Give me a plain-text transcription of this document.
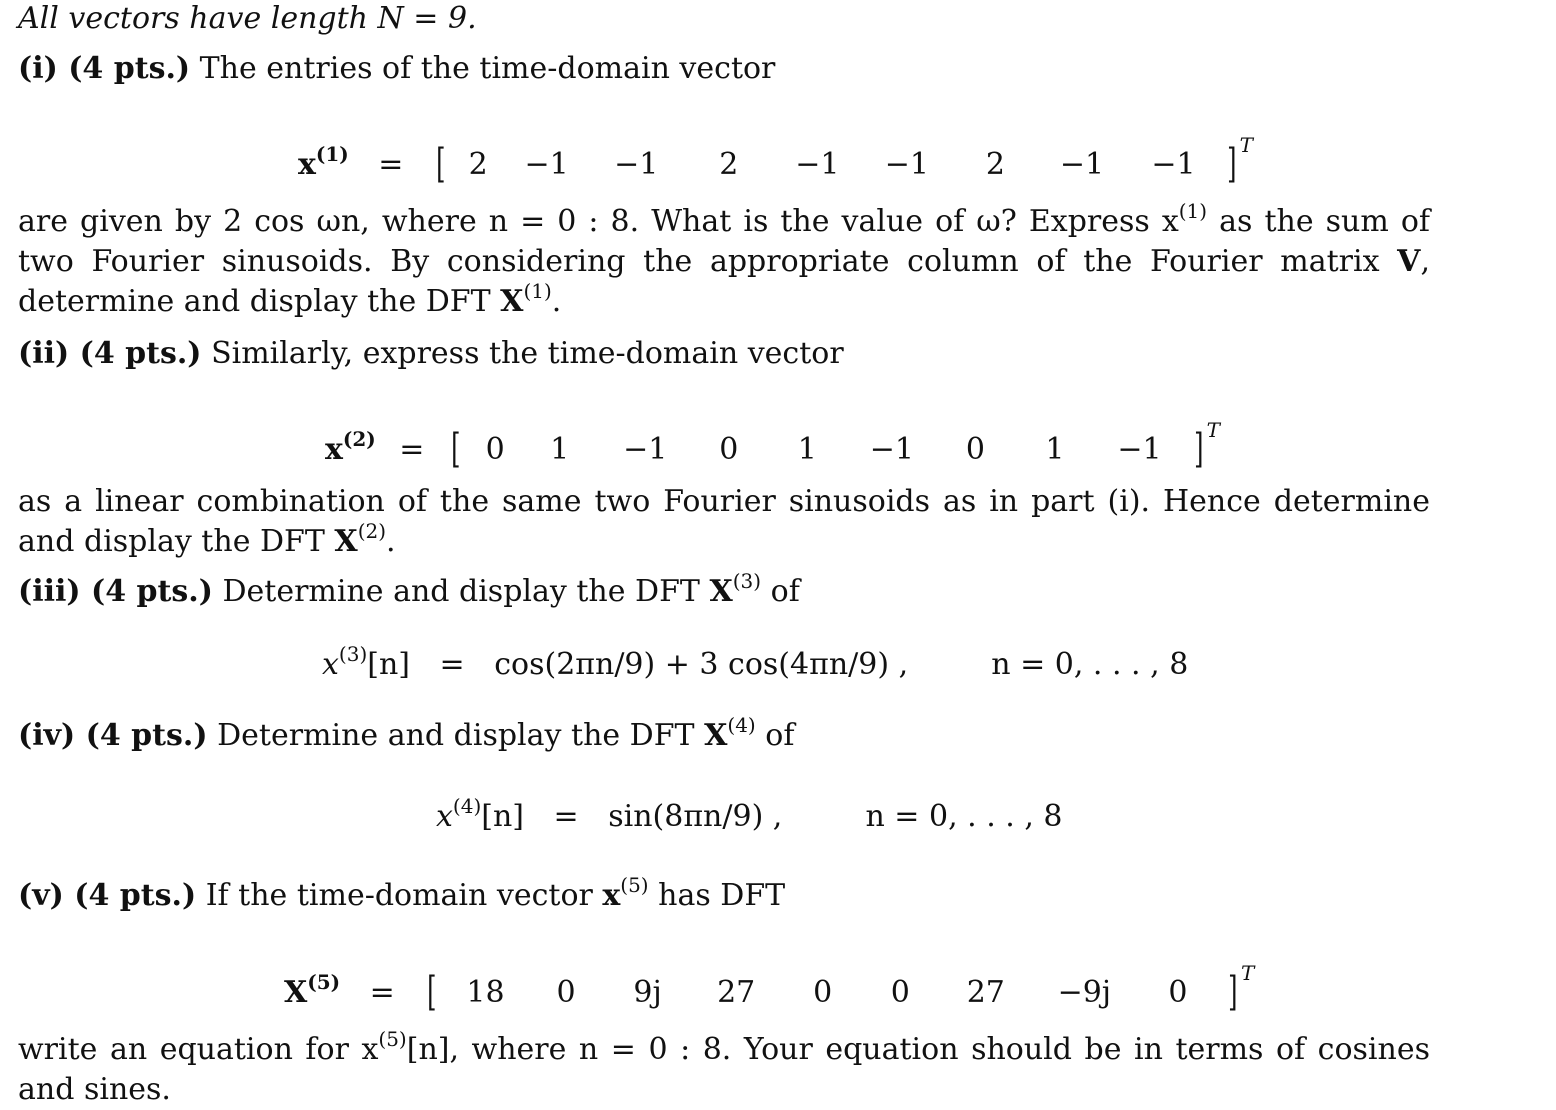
All vectors have length N = 9.
(i) (4 pts.) The entries of the time-domain vector
$x^{(1)}$ = [ 2 −1 −1 2 −1 −1 2 −1 −1 ] $^T$
are given by 2 cos ωn, where n = 0 : 8. What is the value of ω? Express $x^{(1)}$ as the sum of two Fourier sinusoids. By considering the appropriate column of the Fourier matrix V, determine and display the DFT $X^{(1)}$.
(ii) (4 pts.) Similarly, express the time-domain vector
$x^{(2)}$ = [ 0 1 −1 0 1 −1 0 1 −1 ] $^T$
as a linear combination of the same two Fourier sinusoids as in part (i). Hence determine and display the DFT $X^{(2)}$.
(iii) (4 pts.) Determine and display the DFT $X^{(3)}$ of
$x^{(3)}[n] = \cos(2\pi n/9) + 3$ cos(4πn/9) ,	n = 0, . . . , 8
(iv) (4 pts.) Determine and display the DFT $X^{(4)}$ of
$x^{(4)}[n] = \sin(8\pi n/9)$ ,	n = 0, . . . , 8
(v) (4 pts.) If the time-domain vector $x^{(5)}$ has DFT
$X^{(5)}$ = [ 18 0 9j 27 0 0 27 −9j 0 ] $^T$
write an equation for $x^{(5)}[n]$, where n = 0 : 8. Your equation should be in terms of cosines and sines.
